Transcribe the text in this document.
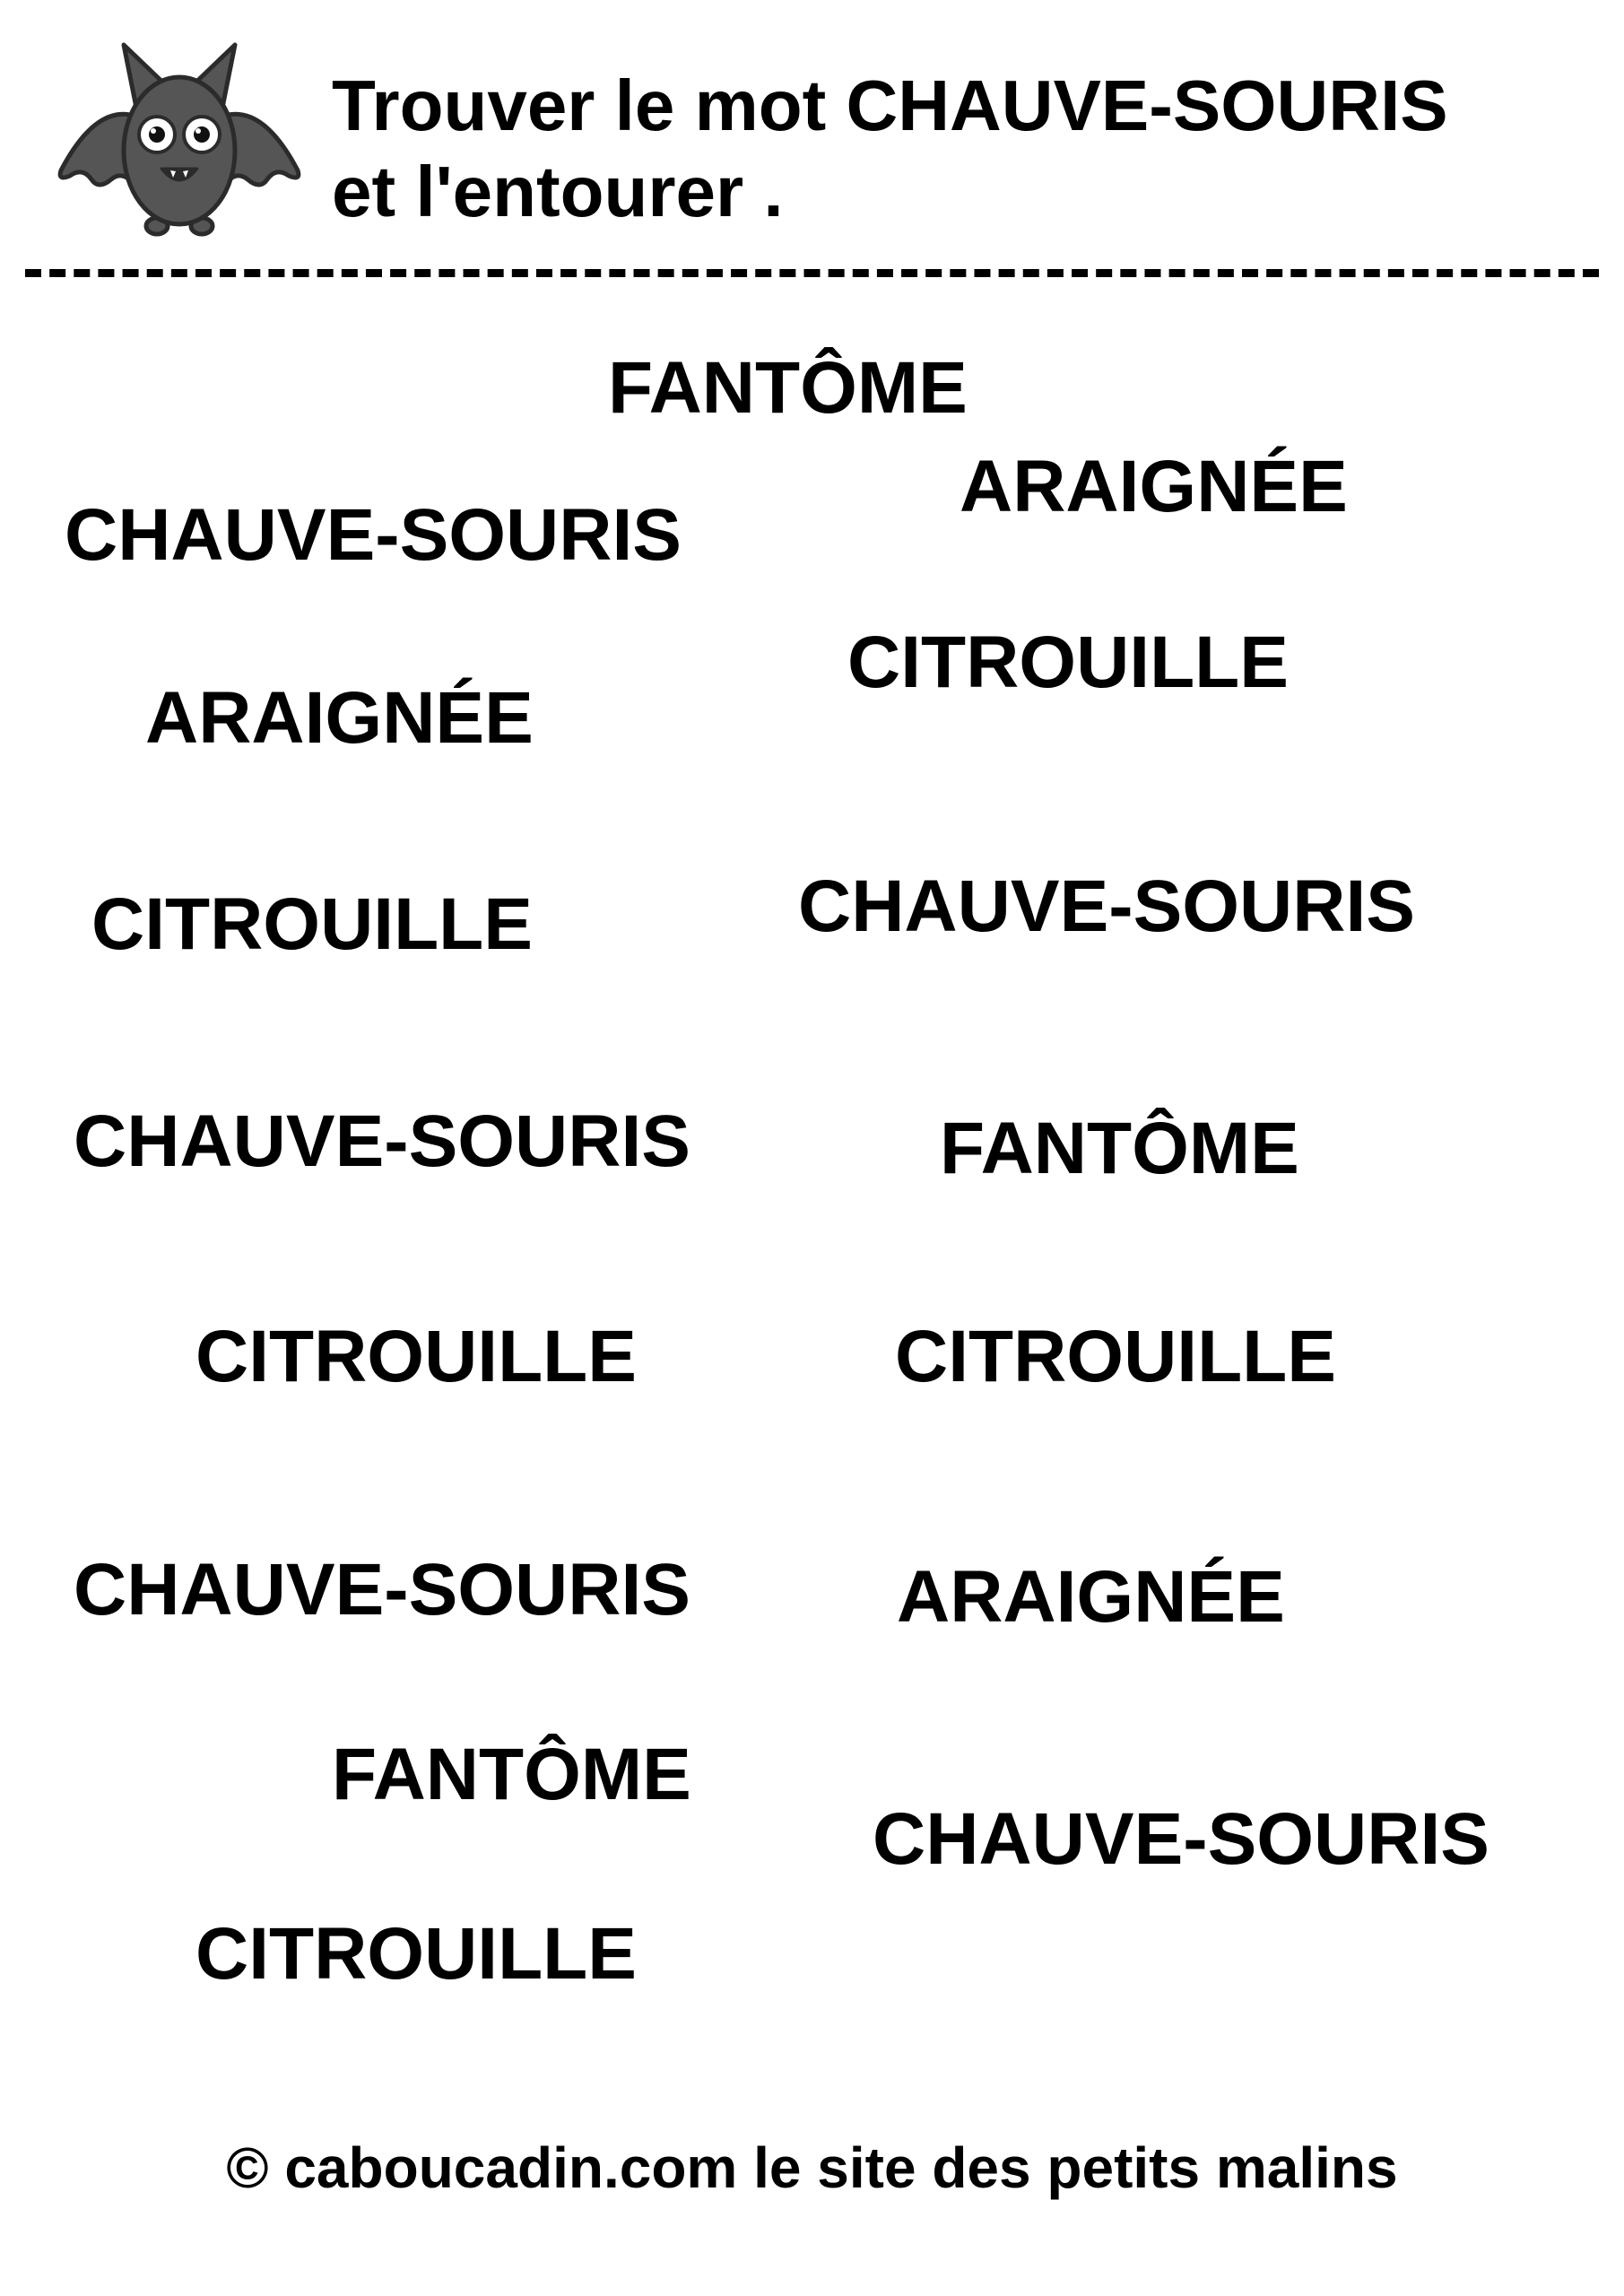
Trouver le mot CHAUVE-SOURIS
et l'entourer .
FANTÔME
ARAIGNÉE
CHAUVE-SOURIS
CITROUILLE
ARAIGNÉE
CITROUILLE	CHAUVE-SOURIS
CHAUVE-SOURIS	FANTÔME
CITROUILLE	CITROUILLE
CHAUVE-SOURIS	ARAIGNÉE
FANTÔME
CHAUVE-SOURIS
CITROUILLE
© caboucadin.com le site des petits malins
